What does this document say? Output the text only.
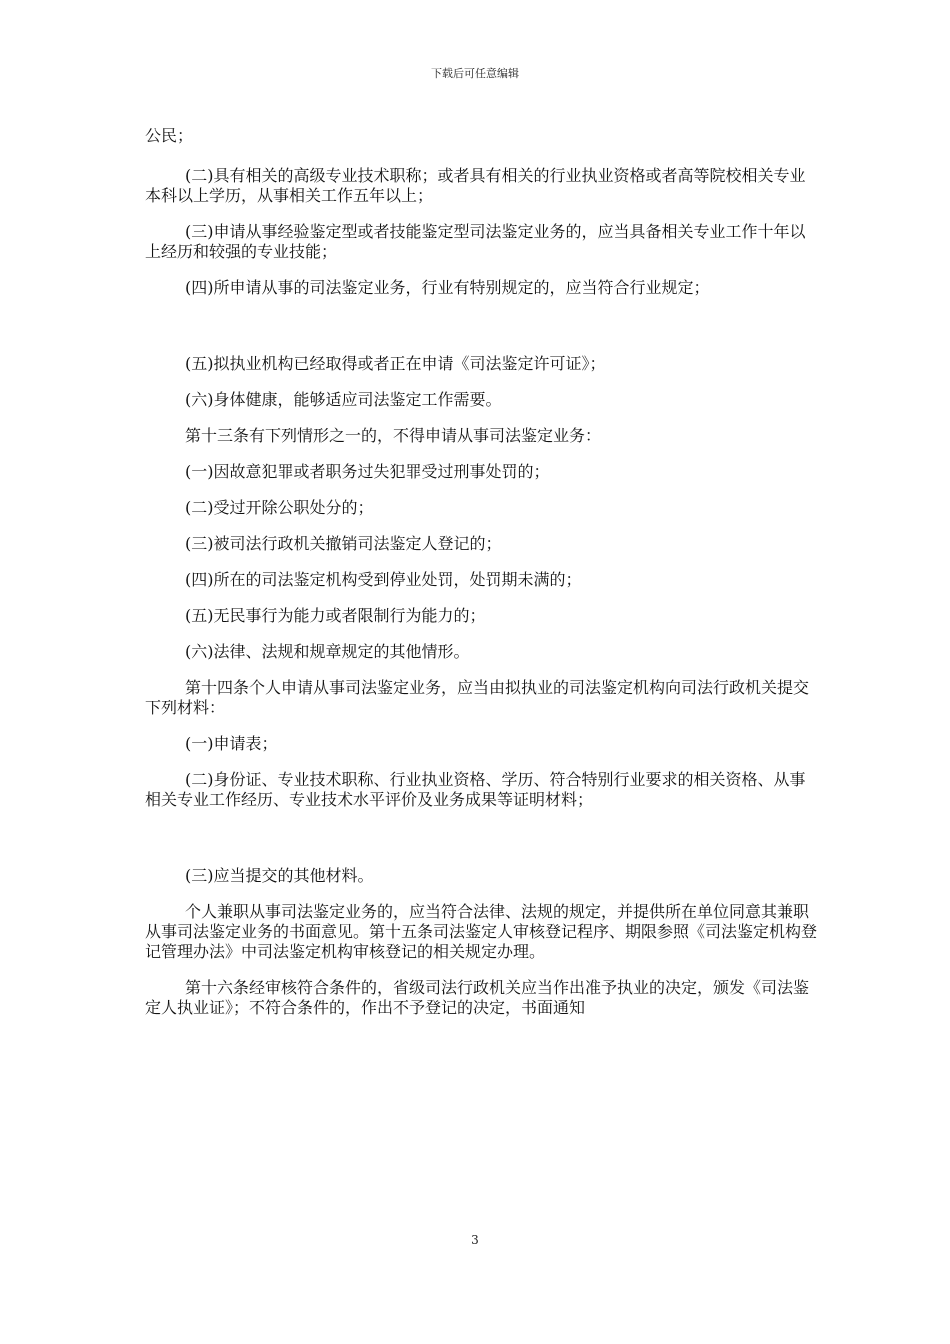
下载后可任意编辑

公民；

(二)具有相关的高级专业技术职称；或者具有相关的行业执业资格或者高等院校相关专业本科以上学历，从事相关工作五年以上；

(三)申请从事经验鉴定型或者技能鉴定型司法鉴定业务的，应当具备相关专业工作十年以上经历和较强的专业技能；

(四)所申请从事的司法鉴定业务，行业有特别规定的，应当符合行业规定；

(五)拟执业机构已经取得或者正在申请《司法鉴定许可证》；

(六)身体健康，能够适应司法鉴定工作需要。

第十三条有下列情形之一的，不得申请从事司法鉴定业务：

(一)因故意犯罪或者职务过失犯罪受过刑事处罚的；

(二)受过开除公职处分的；

(三)被司法行政机关撤销司法鉴定人登记的；

(四)所在的司法鉴定机构受到停业处罚，处罚期未满的；

(五)无民事行为能力或者限制行为能力的；

(六)法律、法规和规章规定的其他情形。

第十四条个人申请从事司法鉴定业务，应当由拟执业的司法鉴定机构向司法行政机关提交下列材料：

(一)申请表；

(二)身份证、专业技术职称、行业执业资格、学历、符合特别行业要求的相关资格、从事相关专业工作经历、专业技术水平评价及业务成果等证明材料；

(三)应当提交的其他材料。

个人兼职从事司法鉴定业务的，应当符合法律、法规的规定，并提供所在单位同意其兼职从事司法鉴定业务的书面意见。第十五条司法鉴定人审核登记程序、期限参照《司法鉴定机构登记管理办法》中司法鉴定机构审核登记的相关规定办理。

第十六条经审核符合条件的，省级司法行政机关应当作出准予执业的决定，颁发《司法鉴定人执业证》；不符合条件的，作出不予登记的决定，书面通知

3
